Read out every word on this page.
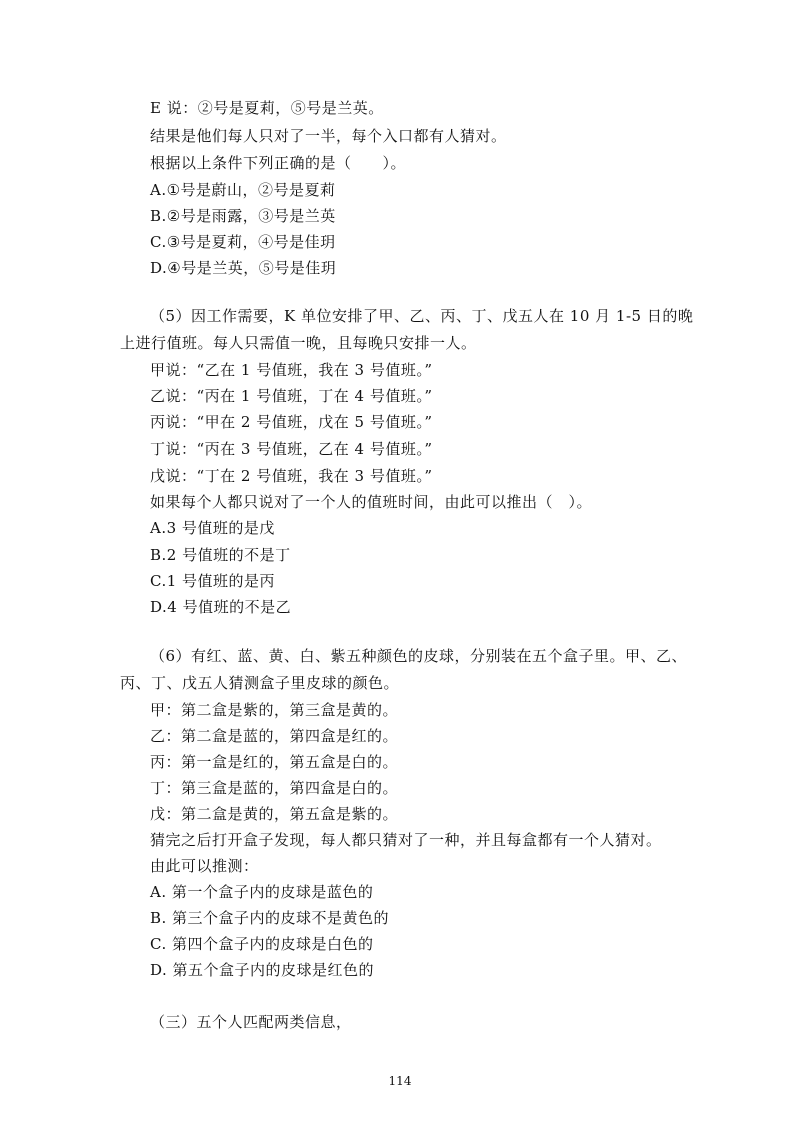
E 说：②号是夏莉，⑤号是兰英。
结果是他们每人只对了一半，每个入口都有人猜对。
根据以上条件下列正确的是（　　）。
A.①号是蔚山，②号是夏莉
B.②号是雨露，③号是兰英
C.③号是夏莉，④号是佳玥
D.④号是兰英，⑤号是佳玥
（5）因工作需要，K 单位安排了甲、乙、丙、丁、戊五人在 10 月 1-5 日的晚
上进行值班。每人只需值一晚，且每晚只安排一人。
甲说：“乙在 1 号值班，我在 3 号值班。”
乙说：“丙在 1 号值班，丁在 4 号值班。”
丙说：“甲在 2 号值班，戊在 5 号值班。”
丁说：“丙在 3 号值班，乙在 4 号值班。”
戊说：“丁在 2 号值班，我在 3 号值班。”
如果每个人都只说对了一个人的值班时间，由此可以推出（　）。
A.3 号值班的是戊
B.2 号值班的不是丁
C.1 号值班的是丙
D.4 号值班的不是乙
（6）有红、蓝、黄、白、紫五种颜色的皮球，分别装在五个盒子里。甲、乙、
丙、丁、戊五人猜测盒子里皮球的颜色。
甲：第二盒是紫的，第三盒是黄的。
乙：第二盒是蓝的，第四盒是红的。
丙：第一盒是红的，第五盒是白的。
丁：第三盒是蓝的，第四盒是白的。
戊：第二盒是黄的，第五盒是紫的。
猜完之后打开盒子发现，每人都只猜对了一种，并且每盒都有一个人猜对。
由此可以推测：
A. 第一个盒子内的皮球是蓝色的
B. 第三个盒子内的皮球不是黄色的
C. 第四个盒子内的皮球是白色的
D. 第五个盒子内的皮球是红色的
（三）五个人匹配两类信息，
114
